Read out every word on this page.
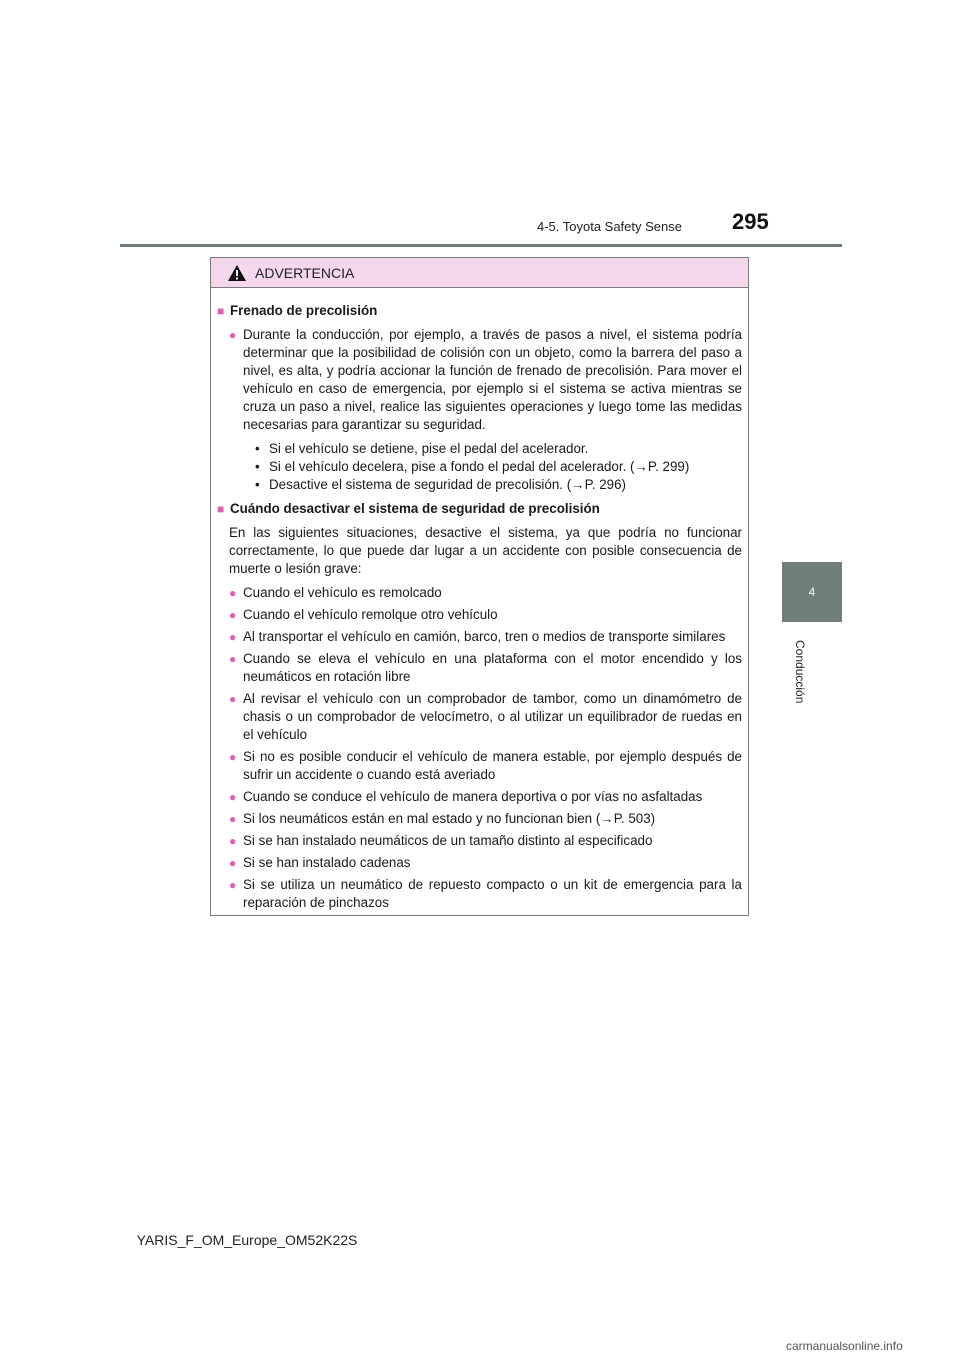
4-5. Toyota Safety Sense 295
4
Conducción
ADVERTENCIA
■ Frenado de precolisión
● Durante la conducción, por ejemplo, a través de pasos a nivel, el sistema podría determinar que la posibilidad de colisión con un objeto, como la barrera del paso a nivel, es alta, y podría accionar la función de frenado de precolisión. Para mover el vehículo en caso de emergencia, por ejemplo si el sistema se activa mientras se cruza un paso a nivel, realice las siguientes operaciones y luego tome las medidas necesarias para garantizar su seguridad.
• Si el vehículo se detiene, pise el pedal del acelerador.
• Si el vehículo decelera, pise a fondo el pedal del acelerador. (→P. 299)
• Desactive el sistema de seguridad de precolisión. (→P. 296)
■ Cuándo desactivar el sistema de seguridad de precolisión
En las siguientes situaciones, desactive el sistema, ya que podría no funcionar correctamente, lo que puede dar lugar a un accidente con posible consecuencia de muerte o lesión grave:
● Cuando el vehículo es remolcado
● Cuando el vehículo remolque otro vehículo
● Al transportar el vehículo en camión, barco, tren o medios de transporte similares
● Cuando se eleva el vehículo en una plataforma con el motor encendido y los neumáticos en rotación libre
● Al revisar el vehículo con un comprobador de tambor, como un dinamómetro de chasis o un comprobador de velocímetro, o al utilizar un equilibrador de ruedas en el vehículo
● Si no es posible conducir el vehículo de manera estable, por ejemplo después de sufrir un accidente o cuando está averiado
● Cuando se conduce el vehículo de manera deportiva o por vías no asfaltadas
● Si los neumáticos están en mal estado y no funcionan bien (→P. 503)
● Si se han instalado neumáticos de un tamaño distinto al especificado
● Si se han instalado cadenas
● Si se utiliza un neumático de repuesto compacto o un kit de emergencia para la reparación de pinchazos
YARIS_F_OM_Europe_OM52K22S
carmanualsonline.info
